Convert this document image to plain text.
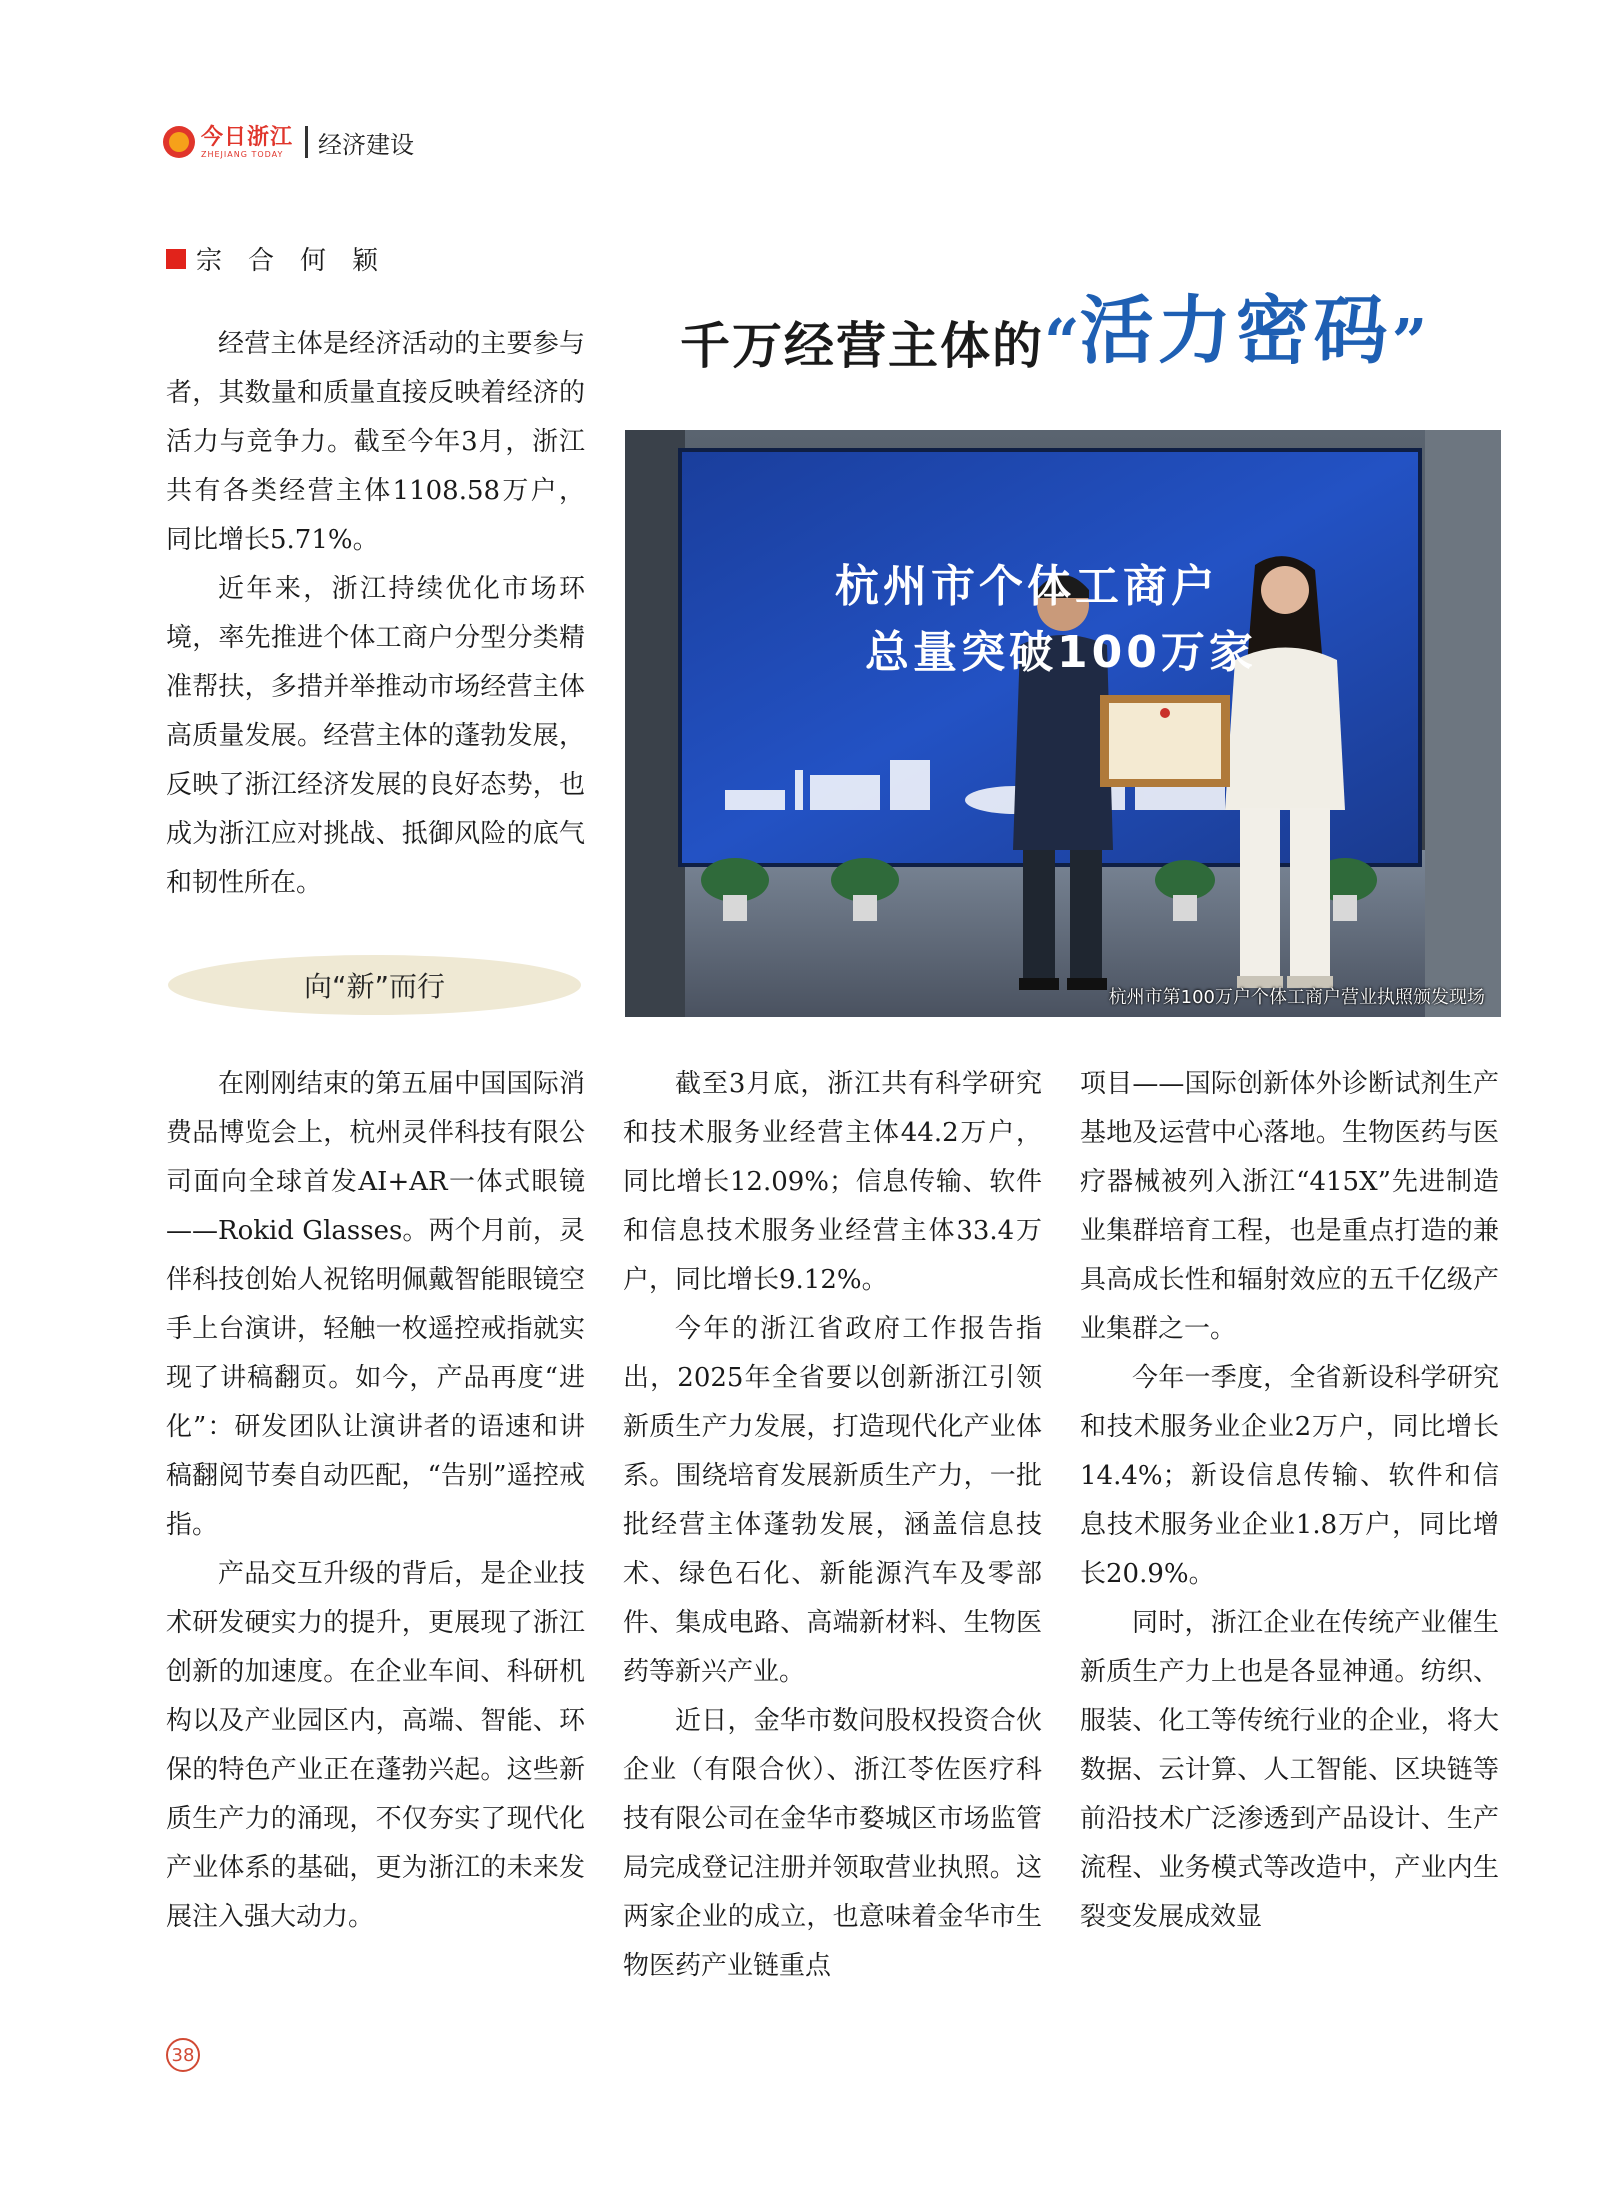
今日浙江
ZHEJIANG TODAY	经济建设
宗合何颖
千万经营主体的 “ 活力密码 ”

经营主体是经济活动的主要参与者，其数量和质量直接反映着经济的活力与竞争力。截至今年3月，浙江共有各类经营主体1108.58万户，同比增长5.71%。

近年来，浙江持续优化市场环境，率先推进个体工商户分型分类精准帮扶，多措并举推动市场经营主体高质量发展。经营主体的蓬勃发展，反映了浙江经济发展的良好态势，也成为浙江应对挑战、抵御风险的底气和韧性所在。

杭州市个体工商户
总量突破100万家
杭州市第100万户个体工商户营业执照颁发现场
向“新”而行

在刚刚结束的第五届中国国际消费品博览会上，杭州灵伴科技有限公司面向全球首发AI+AR一体式眼镜——Rokid Glasses。两个月前，灵伴科技创始人祝铭明佩戴智能眼镜空手上台演讲，轻触一枚遥控戒指就实现了讲稿翻页。如今，产品再度“进化”：研发团队让演讲者的语速和讲稿翻阅节奏自动匹配，“告别”遥控戒指。

产品交互升级的背后，是企业技术研发硬实力的提升，更展现了浙江创新的加速度。在企业车间、科研机构以及产业园区内，高端、智能、环保的特色产业正在蓬勃兴起。这些新质生产力的涌现，不仅夯实了现代化产业体系的基础，更为浙江的未来发展注入强大动力。

截至3月底，浙江共有科学研究和技术服务业经营主体44.2万户，同比增长12.09%；信息传输、软件和信息技术服务业经营主体33.4万户，同比增长9.12%。

今年的浙江省政府工作报告指出，2025年全省要以创新浙江引领新质生产力发展，打造现代化产业体系。围绕培育发展新质生产力，一批批经营主体蓬勃发展，涵盖信息技术、绿色石化、新能源汽车及零部件、集成电路、高端新材料、生物医药等新兴产业。

近日，金华市数问股权投资合伙企业（有限合伙）、浙江苓佐医疗科技有限公司在金华市婺城区市场监管局完成登记注册并领取营业执照。这两家企业的成立，也意味着金华市生物医药产业链重点

项目——国际创新体外诊断试剂生产基地及运营中心落地。生物医药与医疗器械被列入浙江“415X”先进制造业集群培育工程，也是重点打造的兼具高成长性和辐射效应的五千亿级产业集群之一。

今年一季度，全省新设科学研究和技术服务业企业2万户，同比增长14.4%；新设信息传输、软件和信息技术服务业企业1.8万户，同比增长20.9%。

同时，浙江企业在传统产业催生新质生产力上也是各显神通。纺织、服装、化工等传统行业的企业，将大数据、云计算、人工智能、区块链等前沿技术广泛渗透到产品设计、生产流程、业务模式等改造中，产业内生裂变发展成效显

38
